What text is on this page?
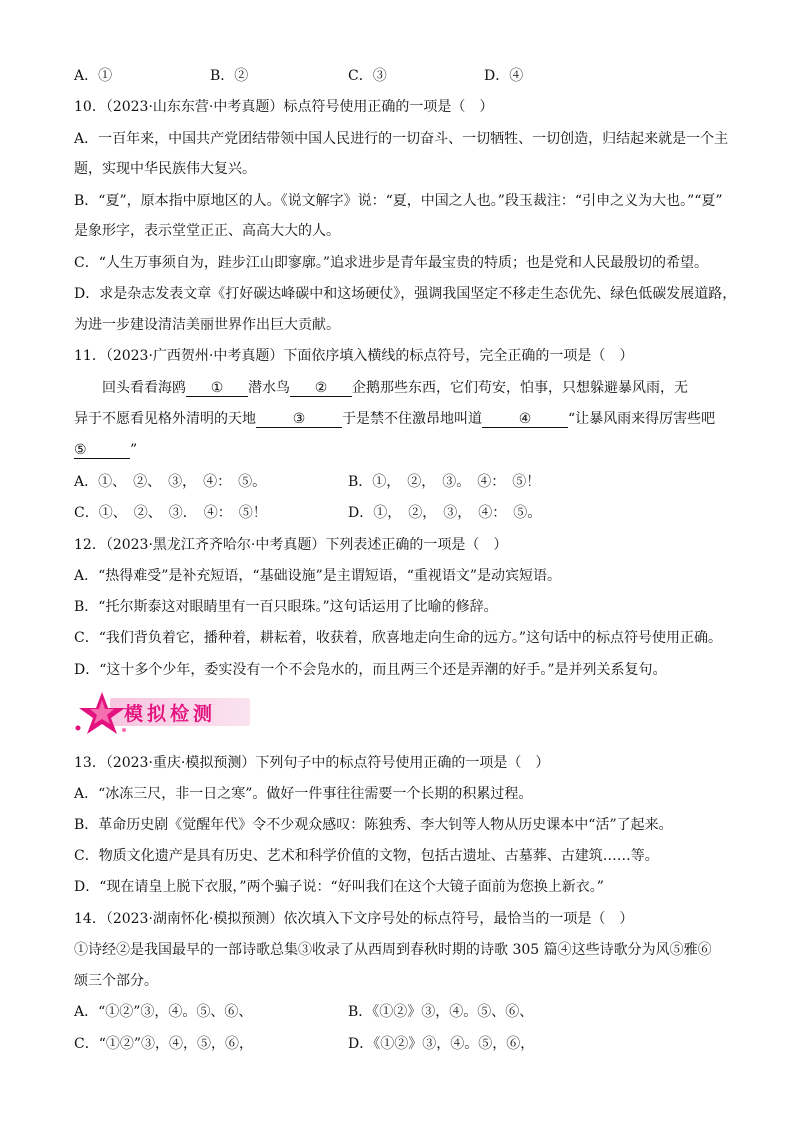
A．①	B．②	C．③	D．④
10．（2023·山东东营·中考真题）标点符号使用正确的一项是（　）
A．一百年来，中国共产党团结带领中国人民进行的一切奋斗、一切牺牲、一切创造，归结起来就是一个主
题，实现中华民族伟大复兴。
B．“夏”，原本指中原地区的人。《说文解字》说：“夏，中国之人也。”段玉裁注：“引申之义为大也。”“夏”
是象形字，表示堂堂正正、高高大大的人。
C．“人生万事须自为，跬步江山即寥廓。”追求进步是青年最宝贵的特质；也是党和人民最殷切的希望。
D．求是杂志发表文章《打好碳达峰碳中和这场硬仗》，强调我国坚定不移走生态优先、绿色低碳发展道路，
为进一步建设清洁美丽世界作出巨大贡献。
11．（2023·广西贺州·中考真题）下面依序填入横线的标点符号，完全正确的一项是（　）
回头看看海鸥 ① 潜水鸟 ② 企鹅那些东西，它们苟安，怕事，只想躲避暴风雨，无
异于不愿看见格外清明的天地	③	于是禁不住激昂地叫道	④	“让暴风雨来得厉害些吧
⑤	”
A．①、　②、　③，　④：　⑤。	B．①，　②，　③。　④：　⑤！
C．①、　②、　③．　④：　⑤！	D．①，　②，　③，　④：　⑤。
12．（2023·黑龙江齐齐哈尔·中考真题）下列表述正确的一项是（　）
A．“热得难受”是补充短语，“基础设施”是主谓短语，“重视语文”是动宾短语。
B．“托尔斯泰这对眼睛里有一百只眼珠。”这句话运用了比喻的修辞。
C．“我们背负着它，播种着，耕耘着，收获着，欣喜地走向生命的远方。”这句话中的标点符号使用正确。
D．“这十多个少年，委实没有一个不会凫水的，而且两三个还是弄潮的好手。”是并列关系复句。
模拟检测
13．（2023·重庆·模拟预测）下列句子中的标点符号使用正确的一项是（　）
A．“冰冻三尺，非一日之寒”。做好一件事往往需要一个长期的积累过程。
B．革命历史剧《觉醒年代》令不少观众感叹：陈独秀、李大钊等人物从历史课本中“活”了起来。
C．物质文化遗产是具有历史、艺术和科学价值的文物，包括古遗址、古墓葬、古建筑……等。
D．“现在请皇上脱下衣服，”两个骗子说：“好叫我们在这个大镜子面前为您换上新衣。”
14．（2023·湖南怀化·模拟预测）依次填入下文序号处的标点符号，最恰当的一项是（　）
①诗经②是我国最早的一部诗歌总集③收录了从西周到春秋时期的诗歌 305 篇④这些诗歌分为风⑤雅⑥
颂三个部分。
A．“①②”③，④。⑤、⑥、	B．《①②》③，④。⑤、⑥、
C．“①②”③，④，⑤，⑥，	D．《①②》③，④。⑤，⑥，
